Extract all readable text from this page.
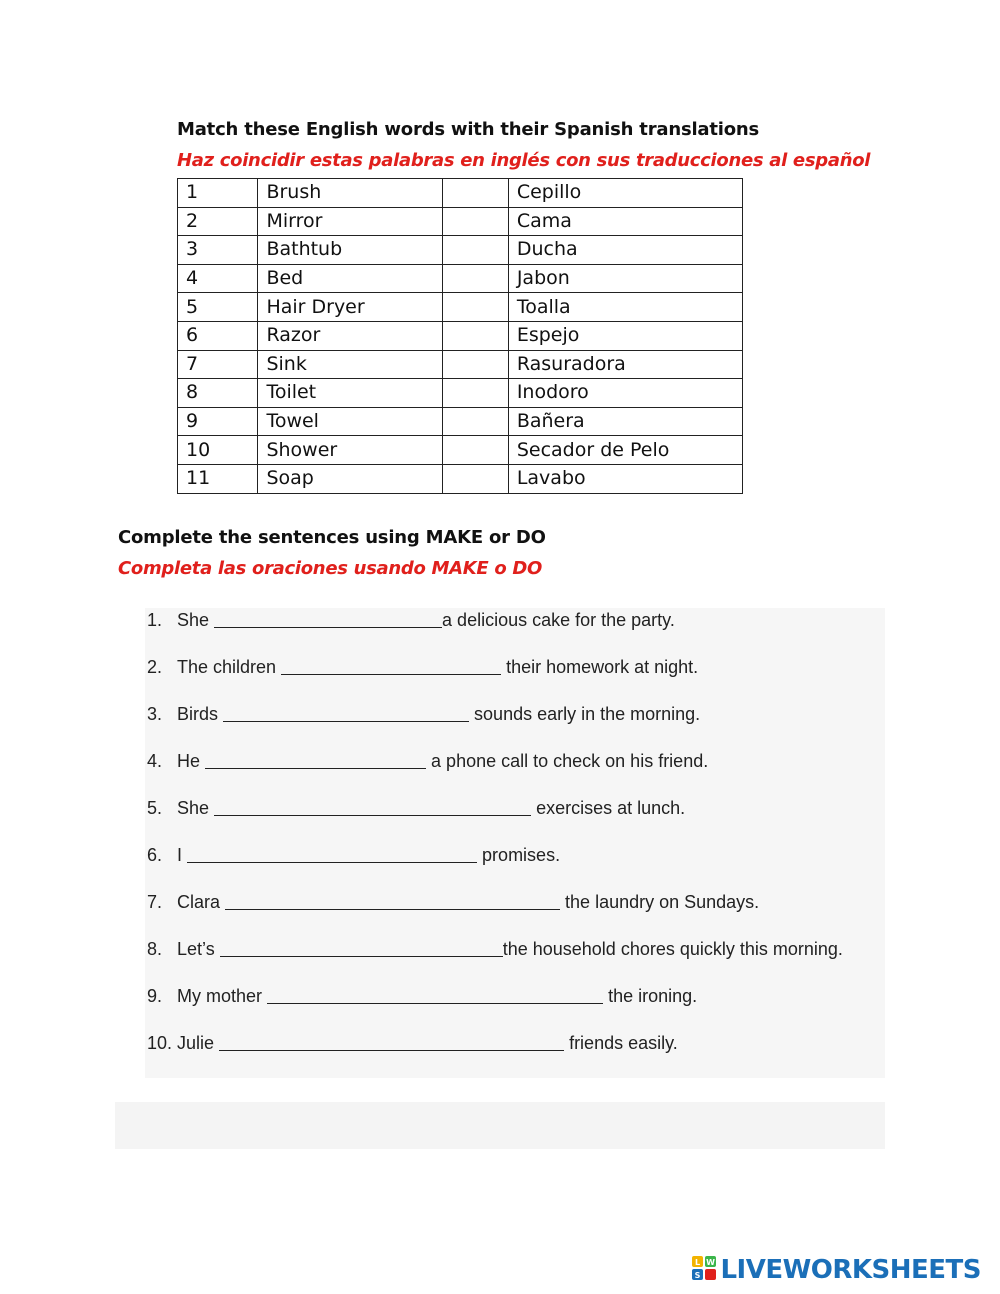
Match these English words with their Spanish translations
Haz coincidir estas palabras en inglés con sus traducciones al español
1	Brush		Cepillo
2	Mirror		Cama
3	Bathtub		Ducha
4	Bed		Jabon
5	Hair Dryer		Toalla
6	Razor		Espejo
7	Sink		Rasuradora
8	Toilet		Inodoro
9	Towel		Bañera
10	Shower		Secador de Pelo
11	Soap		Lavabo
Complete the sentences using MAKE or DO
Completa las oraciones usando MAKE o DO
1. She	a delicious cake for the party.
2. The children	their homework at night.
3. Birds	sounds early in the morning.
4. He	a phone call to check on his friend.
5. She	exercises at lunch.
6. I	promises.
7. Clara	the laundry on Sundays.
8. Let’s	the household chores quickly this morning.
9. My mother	the ironing.
10. Julie	friends easily.
L W
S LIVEWORKSHEETS
